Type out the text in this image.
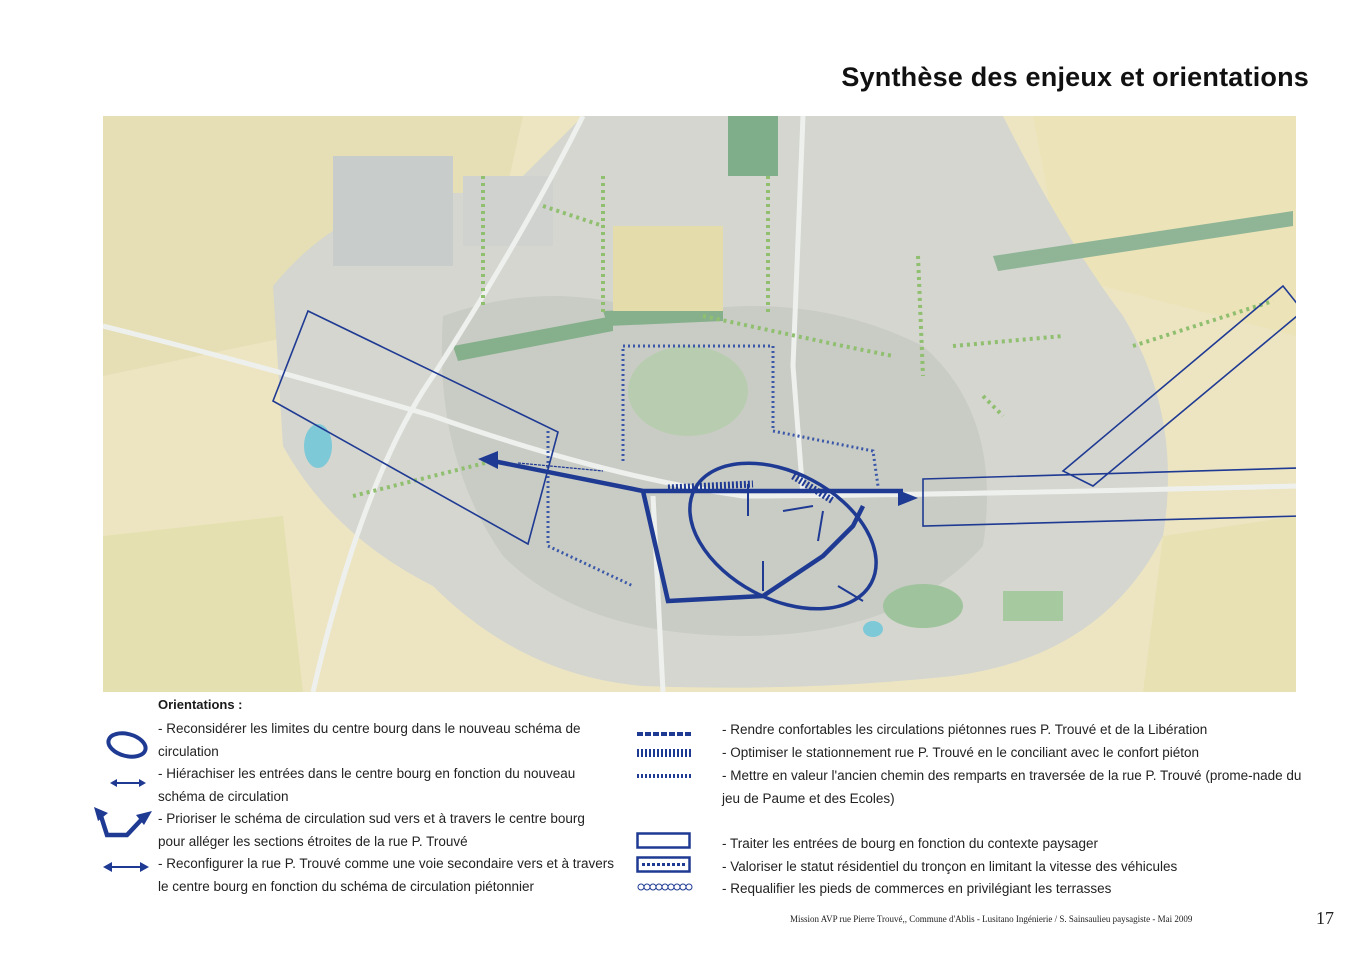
Synthèse des enjeux et orientations
Orientations :
- Reconsidérer les limites du centre bourg dans le nouveau schéma de circulation
- Hiérachiser les entrées dans le centre bourg en fonction du nouveau schéma de circulation
- Prioriser le schéma de circulation sud vers et à travers le centre bourg pour alléger les sections étroites de la rue P. Trouvé
- Reconfigurer la rue P. Trouvé comme une voie secondaire vers et à travers le centre bourg en fonction du schéma de circulation piétonnier
- Rendre confortables les circulations piétonnes rues P. Trouvé et de la Libération
- Optimiser le stationnement rue P. Trouvé en le conciliant avec le confort piéton
- Mettre en valeur l'ancien chemin des remparts en traversée de la rue P. Trouvé (prome-nade du jeu de Paume et des Ecoles)
- Traiter les entrées de bourg en fonction du contexte paysager
- Valoriser le statut résidentiel du tronçon en limitant la vitesse des véhicules
- Requalifier les pieds de commerces en privilégiant les terrasses
Mission AVP rue Pierre Trouvé,, Commune d'Ablis - Lusitano Ingénierie / S. Sainsaulieu paysagiste - Mai 2009	17
